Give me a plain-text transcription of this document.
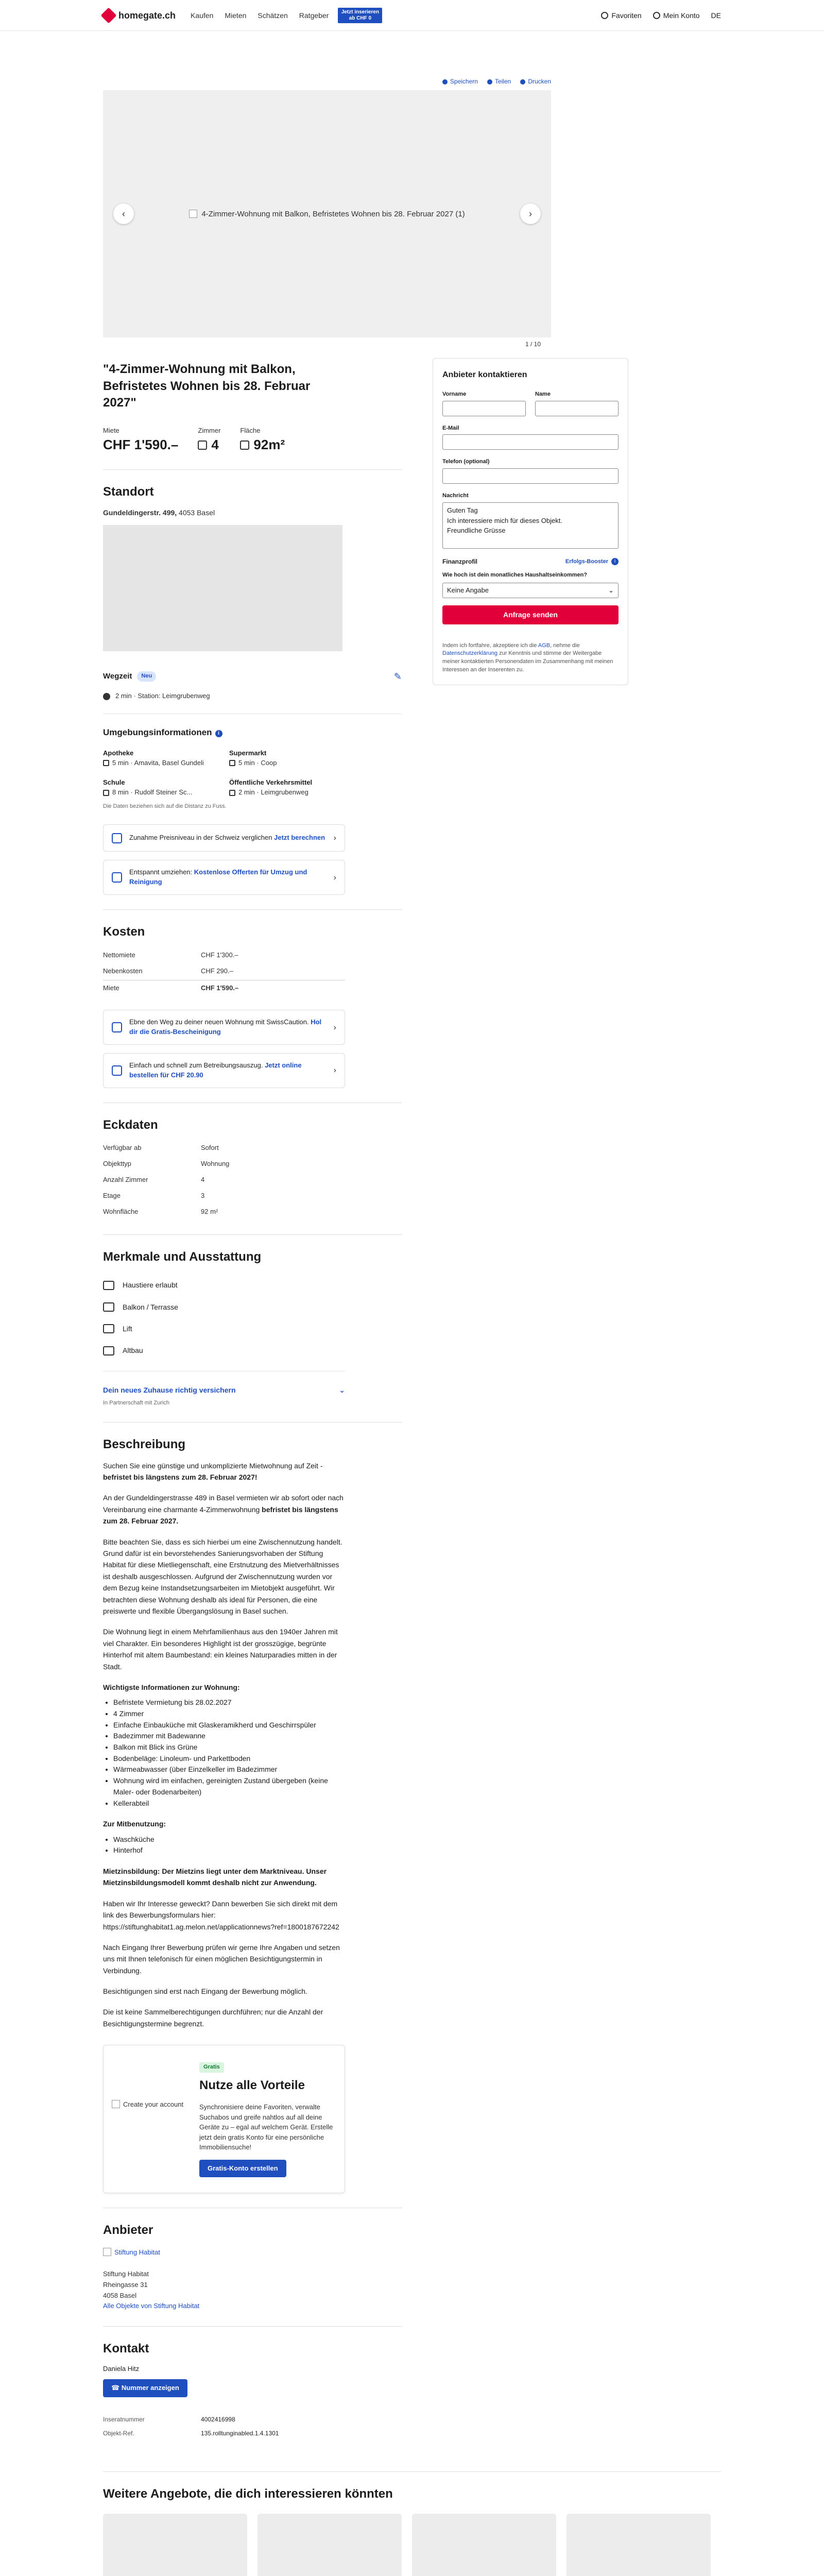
homegate.ch Kaufen Mieten Schätzen Ratgeber	Jetzt inserieren ab CHF 0	Favoriten	Mein Konto DE
Speichern	Teilen	Drucken
‹	4-Zimmer-Wohnung mit Balkon, Befristetes Wohnen bis 28. Februar 2027 (1)	›
1 / 10
"4-Zimmer-Wohnung mit Balkon, Befristetes Wohnen bis 28. Februar 2027"
Miete
CHF 1'590.–
Zimmer
4
Fläche
92m²
Standort
Gundeldingerstr. 499, 4053 Basel
Wegzeit	Neu	✎
2 min · Station: Leimgrubenweg
Umgebungsinformationen i
Apotheke
5 min · Amavita, Basel Gundeli
Supermarkt
5 min · Coop
Schule
8 min · Rudolf Steiner Sc...
Öffentliche Verkehrsmittel
2 min · Leimgrubenweg
Die Daten beziehen sich auf die Distanz zu Fuss.
Zunahme Preisniveau in der Schweiz verglichen Jetzt berechnen ›
Entspannt umziehen: Kostenlose Offerten für Umzug und Reinigung
›
Kosten
Nettomiete	CHF 1'300.–
Nebenkosten	CHF 290.–
Miete	CHF 1'590.–
Ebne den Weg zu deiner neuen Wohnung mit SwissCaution. Hol dir die Gratis-Bescheinigung
›
Einfach und schnell zum Betreibungsauszug. Jetzt online bestellen für CHF 20.90
›
Eckdaten
Verfügbar ab	Sofort
Objekttyp	Wohnung
Anzahl Zimmer	4
Etage	3
Wohnfläche	92 m²
Merkmale und Ausstattung
Haustiere erlaubt
Balkon / Terrasse
Lift
Altbau
Dein neues Zuhause richtig versichern	⌄
In Partnerschaft mit Zurich
Beschreibung

Suchen Sie eine günstige und unkomplizierte Mietwohnung auf Zeit - befristet bis längstens zum 28. Februar 2027!

An der Gundeldingerstrasse 489 in Basel vermieten wir ab sofort oder nach Vereinbarung eine charmante 4-Zimmerwohnung befristet bis längstens zum 28. Februar 2027.

Bitte beachten Sie, dass es sich hierbei um eine Zwischennutzung handelt. Grund dafür ist ein bevorstehendes Sanierungsvorhaben der Stiftung Habitat für diese Mietliegenschaft, eine Erstnutzung des Mietverhältnisses ist deshalb ausgeschlossen. Aufgrund der Zwischennutzung wurden vor dem Bezug keine Instandsetzungsarbeiten im Mietobjekt ausgeführt. Wir betrachten diese Wohnung deshalb als ideal für Personen, die eine preiswerte und flexible Übergangslösung in Basel suchen.

Die Wohnung liegt in einem Mehrfamilienhaus aus den 1940er Jahren mit viel Charakter. Ein besonderes Highlight ist der grosszügige, begrünte Hinterhof mit altem Baumbestand: ein kleines Naturparadies mitten in der Stadt.

Wichtigste Informationen zur Wohnung:

• Befristete Vermietung bis 28.02.2027
• 4 Zimmer
• Einfache Einbauküche mit Glaskeramikherd und Geschirrspüler
• Badezimmer mit Badewanne
• Balkon mit Blick ins Grüne
• Bodenbeläge: Linoleum- und Parkettboden
• Wärmeabwasser (über Einzelkeller im Badezimmer
• Wohnung wird im einfachen, gereinigten Zustand übergeben (keine Maler- oder Bodenarbeiten)
• Kellerabteil

Zur Mitbenutzung:

• Waschküche
• Hinterhof

Mietzinsbildung: Der Mietzins liegt unter dem Marktniveau. Unser Mietzinsbildungsmodell kommt deshalb nicht zur Anwendung.

Haben wir Ihr Interesse geweckt? Dann bewerben Sie sich direkt mit dem link des Bewerbungsformulars hier: https://stiftunghabitat1.ag.melon.net/applicationnews?ref=1800187672242

Nach Eingang Ihrer Bewerbung prüfen wir gerne Ihre Angaben und setzen uns mit Ihnen telefonisch für einen möglichen Besichtigungstermin in Verbindung.

Besichtigungen sind erst nach Eingang der Bewerbung möglich.

Die ist keine Sammelberechtigungen durchführen; nur die Anzahl der Besichtigungstermine begrenzt.

Create your account
Gratis
Nutze alle Vorteile

Synchronisiere deine Favoriten, verwalte Suchabos und greife nahtlos auf all deine Geräte zu – egal auf welchem Gerät. Erstelle jetzt dein gratis Konto für eine persönliche Immobiliensuche!

Gratis-Konto erstellen
Anbieter
Stiftung Habitat
Stiftung Habitat
Rheingasse 31
4058 Basel
Alle Objekte von Stiftung Habitat
Kontakt
Daniela Hitz
☎ Nummer anzeigen
Inseratnummer	4002416998
Objekt-Ref.	135.rolltunginabled.1.4.1301
Anbieter kontaktieren
Vorname	Name
E-Mail
Telefon (optional)
Nachricht
Guten Tag
Ich interessiere mich für dieses Objekt.
Freundliche Grüsse
Finanzprofil	Erfolgs-Booster i
Wie hoch ist dein monatliches Haushaltseinkommen?
Keine Angabe	⌄
Anfrage senden
Indem ich fortfahre, akzeptiere ich die AGB, nehme die Datenschutzerklärung zur Kenntnis und stimme der Weitergabe meiner kontaktierten Personendaten im Zusammenhang mit meinen Interessen an der Inserenten zu.
Weitere Angebote, die dich interessieren könnten
